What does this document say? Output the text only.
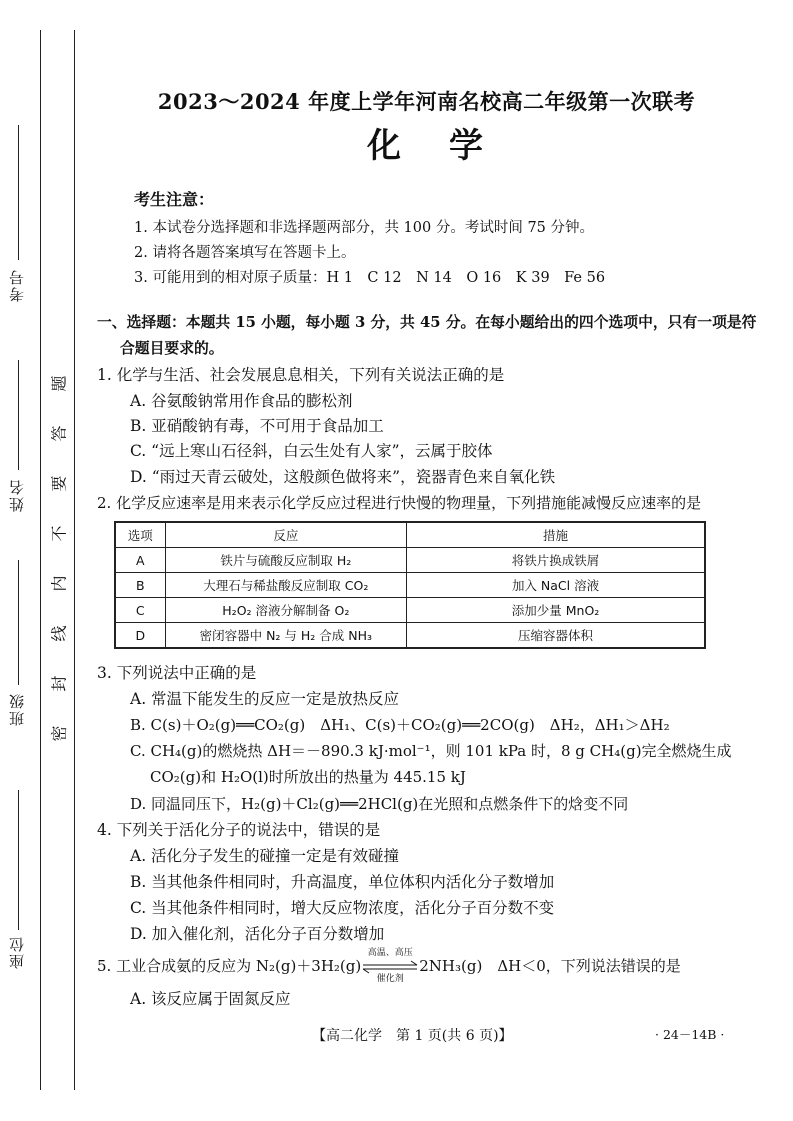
考号
姓名
班级
座位
题
答
要
不
内
线
封
密
2023～2024 年度上学年河南名校高二年级第一次联考
化学
考生注意：
1. 本试卷分选择题和非选择题两部分，共 100 分。考试时间 75 分钟。
2. 请将各题答案填写在答题卡上。
3. 可能用到的相对原子质量：H 1　C 12　N 14　O 16　K 39　Fe 56
一、选择题：本题共 15 小题，每小题 3 分，共 45 分。在每小题给出的四个选项中，只有一项是符
合题目要求的。
1. 化学与生活、社会发展息息相关，下列有关说法正确的是
A. 谷氨酸钠常用作食品的膨松剂
B. 亚硝酸钠有毒，不可用于食品加工
C. “远上寒山石径斜，白云生处有人家”，云属于胶体
D. “雨过天青云破处，这般颜色做将来”，瓷器青色来自氧化铁
2. 化学反应速率是用来表示化学反应过程进行快慢的物理量，下列措施能减慢反应速率的是
选项	反应	措施
A	铁片与硫酸反应制取 H₂	将铁片换成铁屑
B	大理石与稀盐酸反应制取 CO₂	加入 NaCl 溶液
C	H₂O₂ 溶液分解制备 O₂	添加少量 MnO₂
D	密闭容器中 N₂ 与 H₂ 合成 NH₃	压缩容器体积
3. 下列说法中正确的是
A. 常温下能发生的反应一定是放热反应
B. C(s)＋O₂(g)══CO₂(g)　ΔH₁、C(s)＋CO₂(g)══2CO(g)　ΔH₂，ΔH₁＞ΔH₂
C. CH₄(g)的燃烧热 ΔH＝－890.3 kJ·mol⁻¹，则 101 kPa 时，8 g CH₄(g)完全燃烧生成
CO₂(g)和 H₂O(l)时所放出的热量为 445.15 kJ
D. 同温同压下，H₂(g)＋Cl₂(g)══2HCl(g)在光照和点燃条件下的焓变不同
4. 下列关于活化分子的说法中，错误的是
A. 活化分子发生的碰撞一定是有效碰撞
B. 当其他条件相同时，升高温度，单位体积内活化分子数增加
C. 当其他条件相同时，增大反应物浓度，活化分子百分数不变
D. 加入催化剂，活化分子百分数增加
5. 工业合成氨的反应为 N₂(g)＋3H₂(g)
高温、高压
催化剂
2NH₃(g)　ΔH＜0，下列说法错误的是
A. 该反应属于固氮反应
【高二化学　第 1 页(共 6 页)】	· 24－14B ·
